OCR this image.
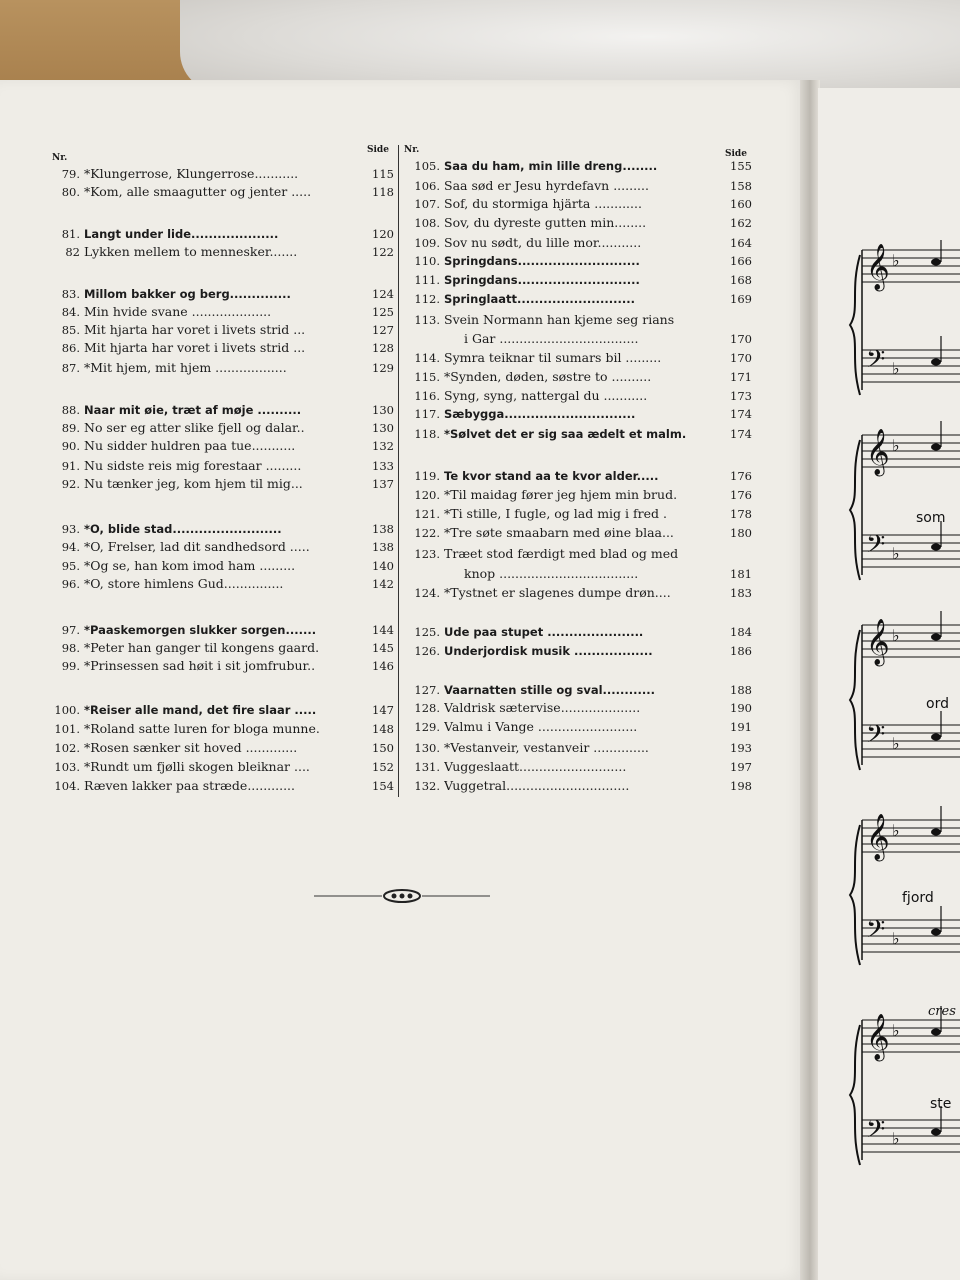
Nr.
Side Nr.	Side
79. *Klungerrose, Klungerrose...........	115
80. *Kom, alle smaagutter og jenter .....	118
81. Langt under lide....................	120
82 Lykken mellem to mennesker.......	122
83. Millom bakker og berg..............	124
84. Min hvide svane ....................	125
85. Mit hjarta har voret i livets strid ...	127
86. Mit hjarta har voret i livets strid ...	128
87. *Mit hjem, mit hjem ..................	129
88. Naar mit øie, træt af møje ..........	130
89. No ser eg atter slike fjell og dalar..	130
90. Nu sidder huldren paa tue...........	132
91. Nu sidste reis mig forestaar .........	133
92. Nu tænker jeg, kom hjem til mig...	137
93. *O, blide stad.........................	138
94. *O, Frelser, lad dit sandhedsord .....	138
95. *Og se, han kom imod ham .........	140
96. *O, store himlens Gud...............	142
97. *Paaskemorgen slukker sorgen.......	144
98. *Peter han ganger til kongens gaard.	145
99. *Prinsessen sad høit i sit jomfrubur..	146
100. *Reiser alle mand, det fire slaar .....	147
101. *Roland satte luren for bloga munne.	148
102. *Rosen sænker sit hoved .............	150
103. *Rundt um fjølli skogen bleiknar ....	152
104. Ræven lakker paa stræde............	154
105. Saa du ham, min lille dreng........	155
106. Saa sød er Jesu hyrdefavn .........	158
107. Sof, du stormiga hjärta ............	160
108. Sov, du dyreste gutten min........	162
109. Sov nu sødt, du lille mor...........	164
110. Springdans............................	166
111. Springdans............................	168
112. Springlaatt...........................	169
113. Svein Normann han kjeme seg rians
i Gar ...................................	170
114. Symra teiknar til sumars bil .........	170
115. *Synden, døden, søstre to ..........	171
116. Syng, syng, nattergal du ...........	173
117. Sæbygga..............................	174
118. *Sølvet det er sig saa ædelt et malm.	174
119. Te kvor stand aa te kvor alder.....	176
120. *Til maidag fører jeg hjem min brud.	176
121. *Ti stille, I fugle, og lad mig i fred .	178
122. *Tre søte smaabarn med øine blaa...	180
123. Træet stod færdigt med blad og med
knop ...................................	181
124. *Tystnet er slagenes dumpe drøn....	183
125. Ude paa stupet ......................	184
126. Underjordisk musik ..................	186
127. Vaarnatten stille og sval............	188
128. Valdrisk sætervise....................	190
129. Valmu i Vange .........................	191
130. *Vestanveir, vestanveir ..............	193
131. Vuggeslaatt...........................	197
132. Vuggetral...............................	198
𝄞 ♭
𝄢 ♭
𝄞 ♭
𝄢 ♭
𝄞 ♭
𝄢 ♭
𝄞 ♭
𝄢 ♭
𝄞 ♭
𝄢 ♭
som
ord
fjord
ste
cres
